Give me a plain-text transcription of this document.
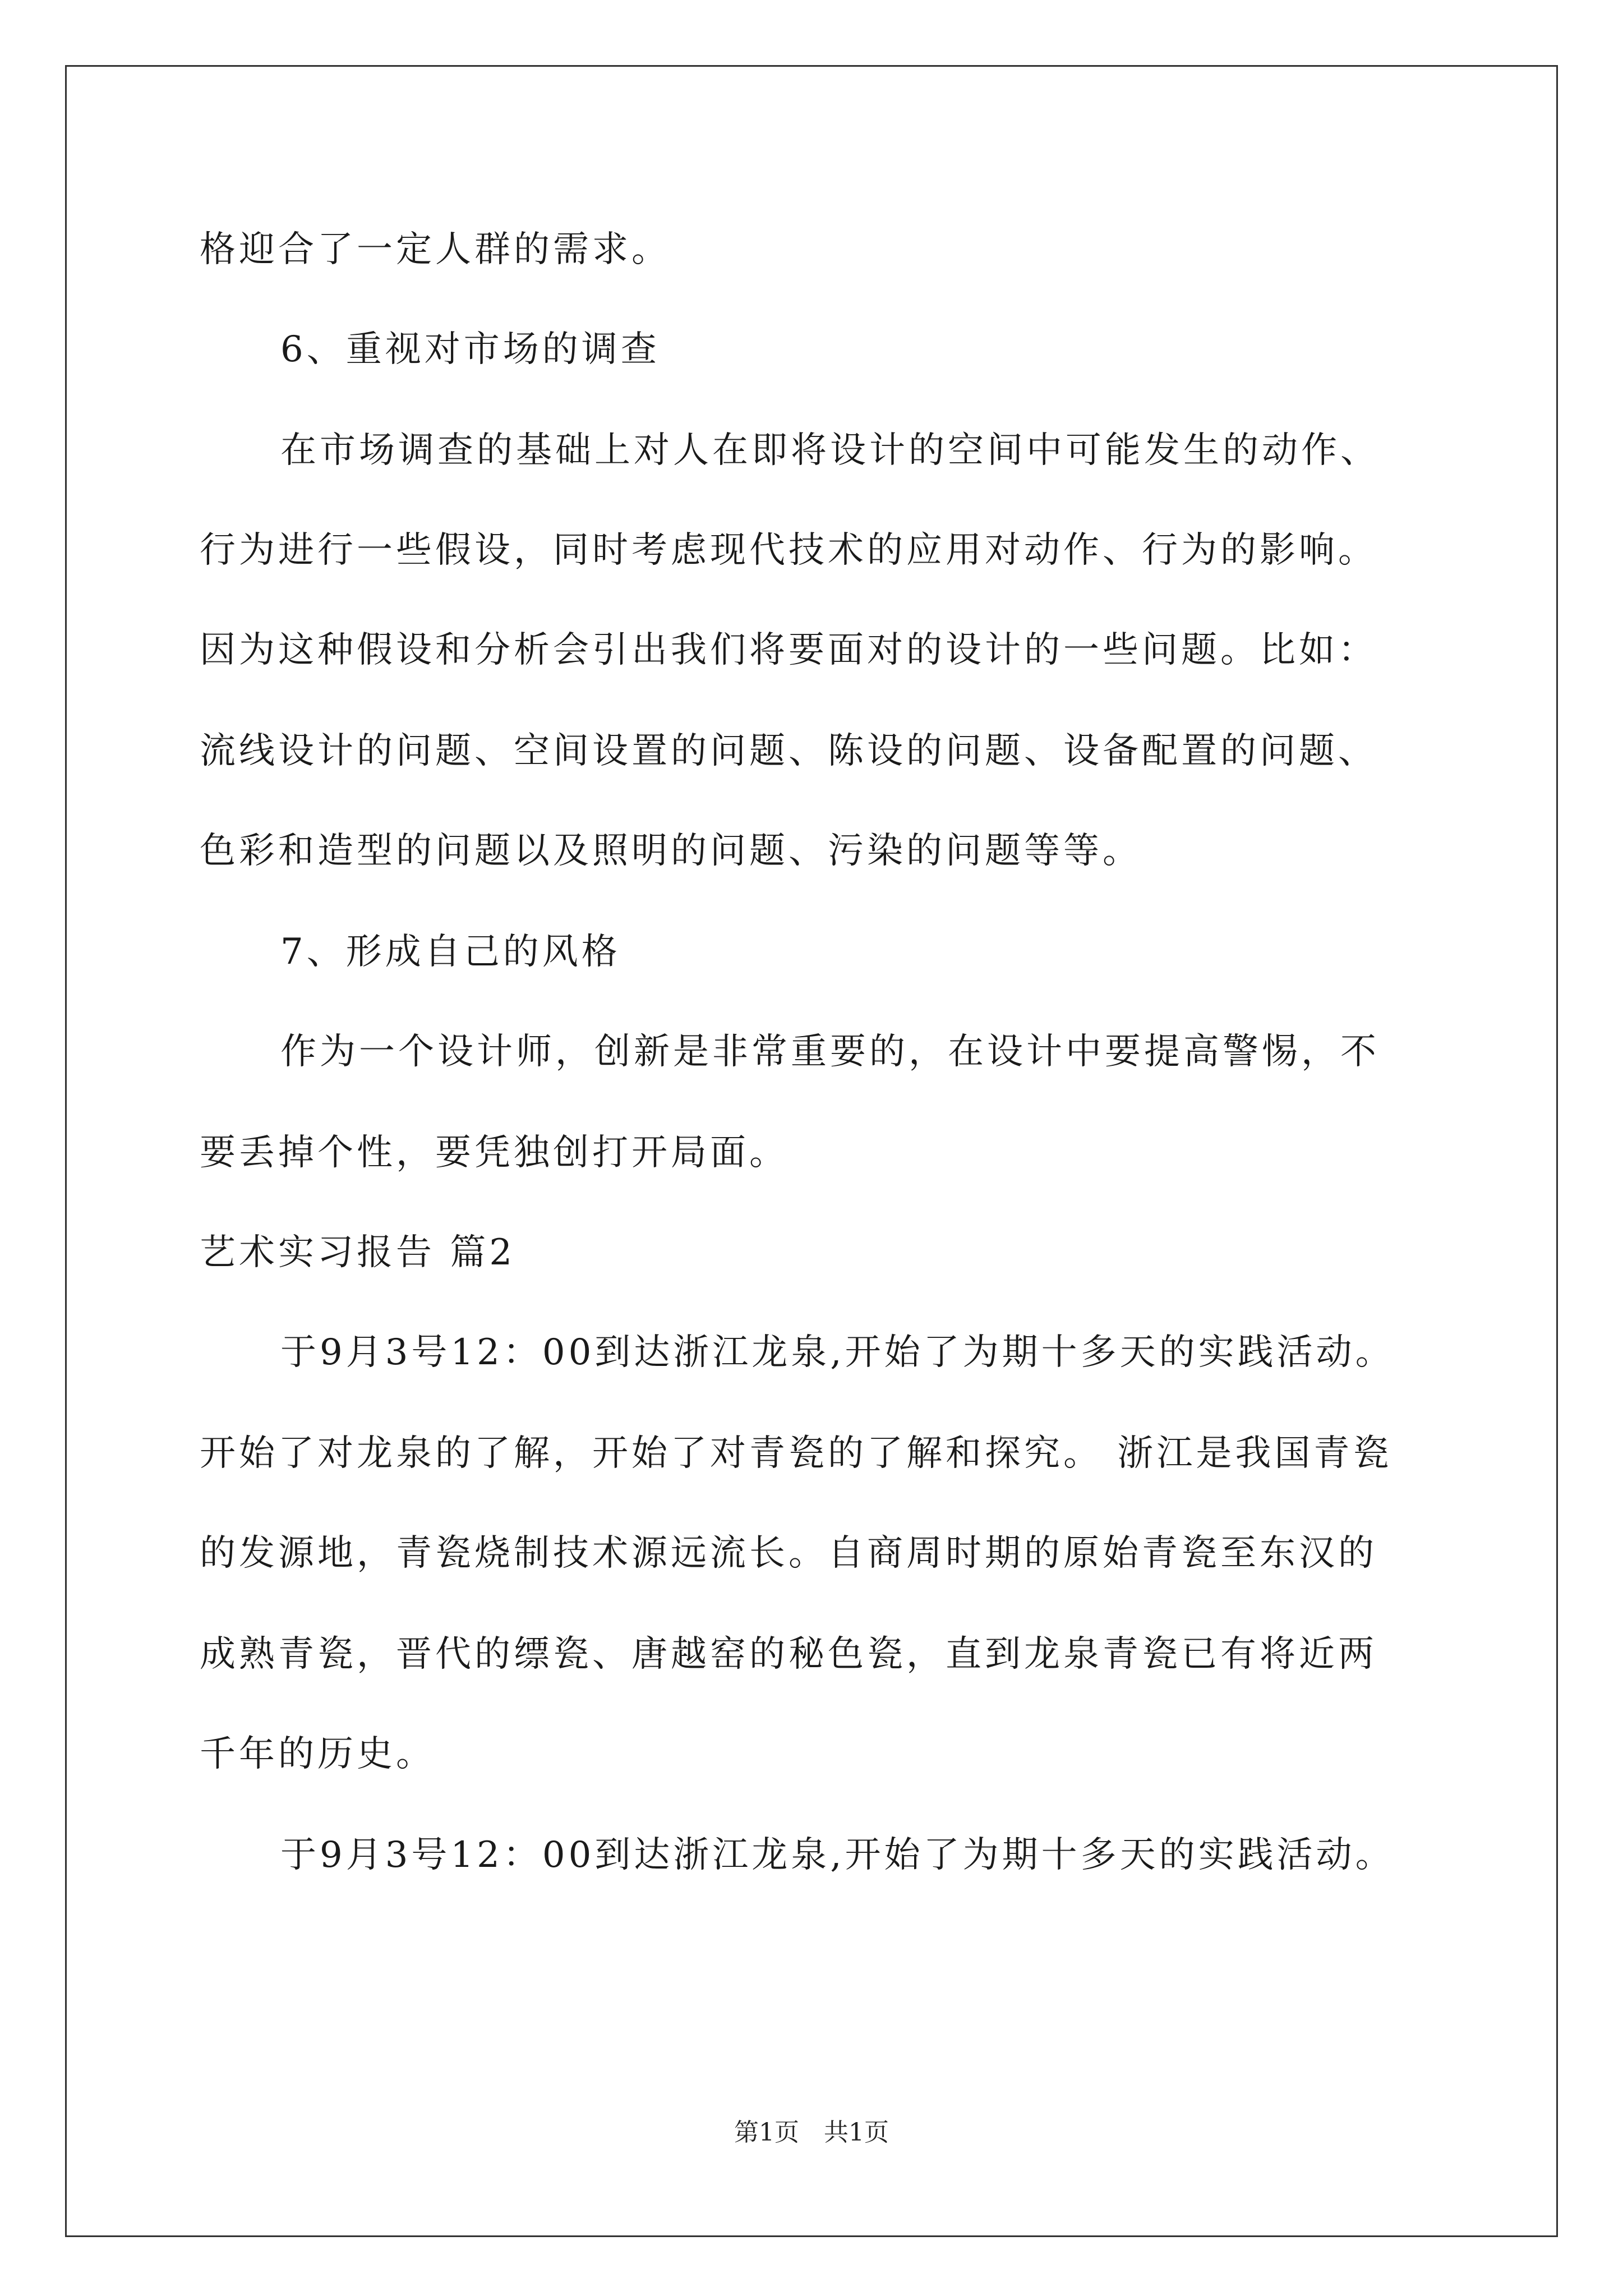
格迎合了一定人群的需求。
6、重视对市场的调查
在市场调查的基础上对人在即将设计的空间中可能发生的动作、
行为进行一些假设，同时考虑现代技术的应用对动作、行为的影响。
因为这种假设和分析会引出我们将要面对的设计的一些问题。比如：
流线设计的问题、空间设置的问题、陈设的问题、设备配置的问题、
色彩和造型的问题以及照明的问题、污染的问题等等。
7、形成自己的风格
作为一个设计师，创新是非常重要的，在设计中要提高警惕，不
要丢掉个性，要凭独创打开局面。
艺术实习报告 篇2
于9月3号12：00到达浙江龙泉,开始了为期十多天的实践活动。
开始了对龙泉的了解，开始了对青瓷的了解和探究。 浙江是我国青瓷
的发源地，青瓷烧制技术源远流长。自商周时期的原始青瓷至东汉的
成熟青瓷，晋代的缥瓷、唐越窑的秘色瓷，直到龙泉青瓷已有将近两
千年的历史。
于9月3号12：00到达浙江龙泉,开始了为期十多天的实践活动。
第1页　共1页
